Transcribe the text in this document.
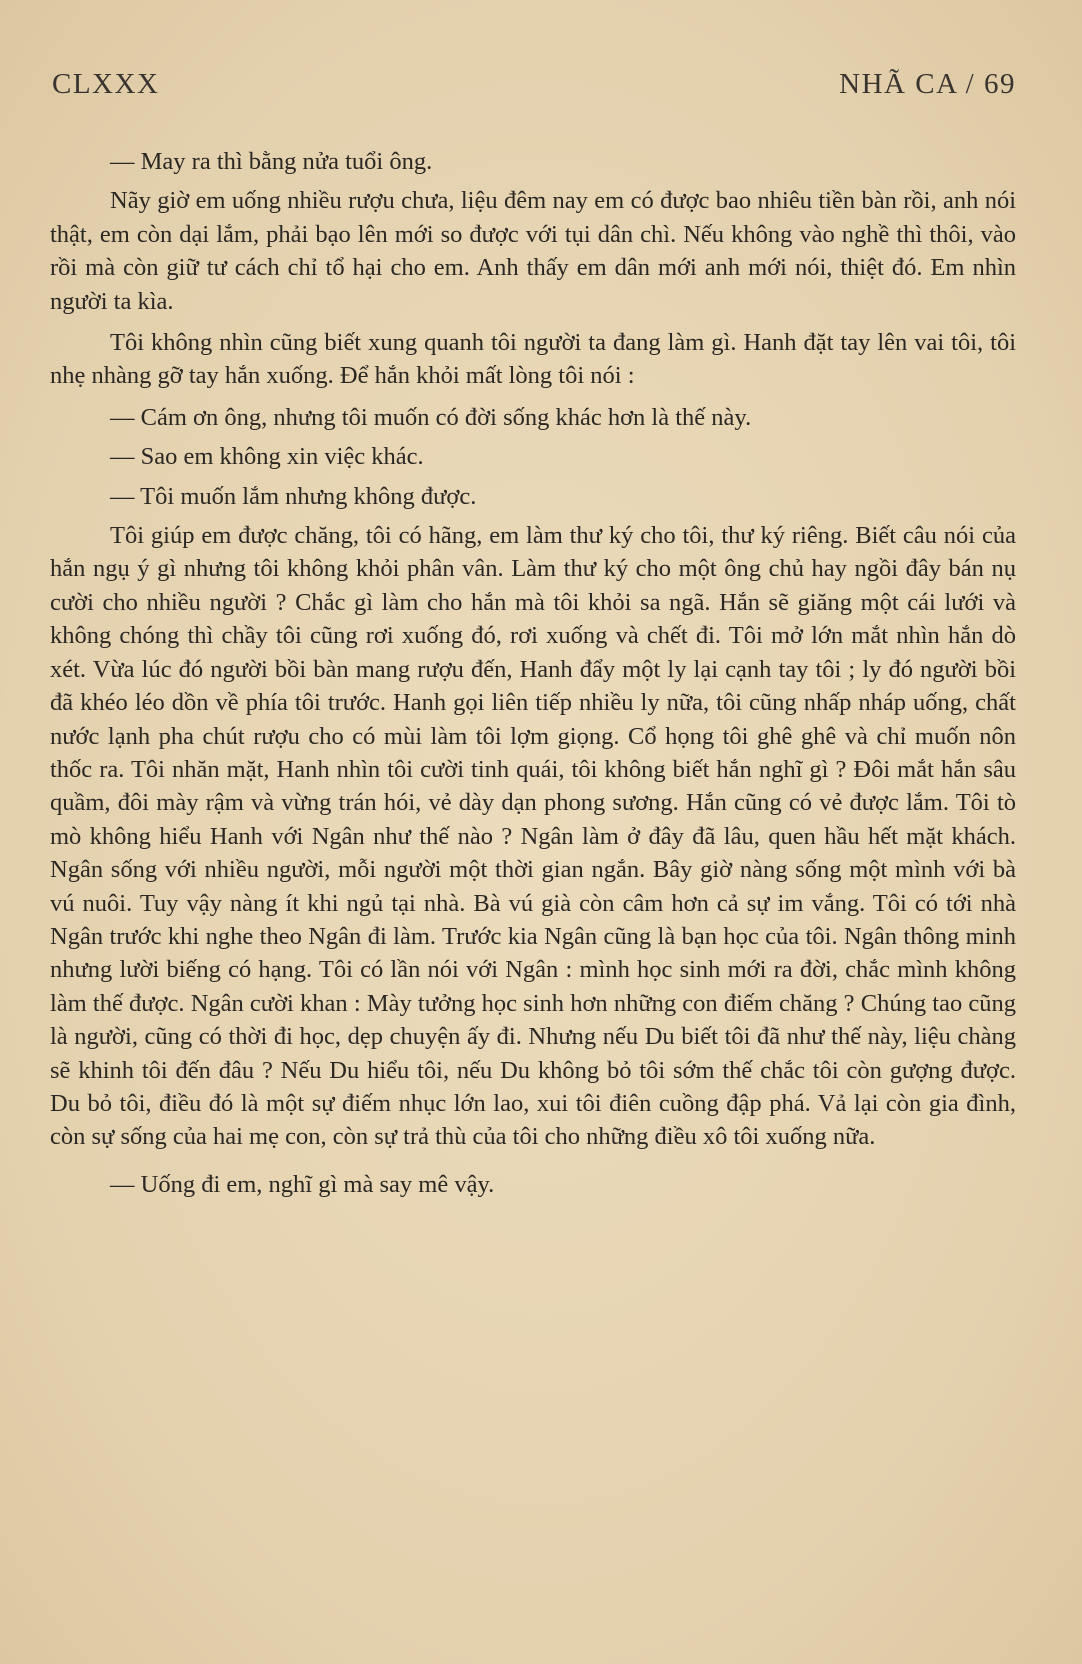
CLXXX	NHÃ CA / 69

— May ra thì bằng nửa tuổi ông.

Nãy giờ em uống nhiều rượu chưa, liệu đêm nay em có được bao nhiêu tiền bàn rồi, anh nói thật, em còn dại lắm, phải bạo lên mới so được với tụi dân chì. Nếu không vào nghề thì thôi, vào rồi mà còn giữ tư cách chỉ tổ hại cho em. Anh thấy em dân mới anh mới nói, thiệt đó. Em nhìn người ta kìa.

Tôi không nhìn cũng biết xung quanh tôi người ta đang làm gì. Hanh đặt tay lên vai tôi, tôi nhẹ nhàng gỡ tay hắn xuống. Để hắn khỏi mất lòng tôi nói :

— Cám ơn ông, nhưng tôi muốn có đời sống khác hơn là thế này.

— Sao em không xin việc khác.

— Tôi muốn lắm nhưng không được.

Tôi giúp em được chăng, tôi có hãng, em làm thư ký cho tôi, thư ký riêng. Biết câu nói của hắn ngụ ý gì nhưng tôi không khỏi phân vân. Làm thư ký cho một ông chủ hay ngồi đây bán nụ cười cho nhiều người ? Chắc gì làm cho hắn mà tôi khỏi sa ngã. Hắn sẽ giăng một cái lưới và không chóng thì chầy tôi cũng rơi xuống đó, rơi xuống và chết đi. Tôi mở lớn mắt nhìn hắn dò xét. Vừa lúc đó người bồi bàn mang rượu đến, Hanh đẩy một ly lại cạnh tay tôi ; ly đó người bồi đã khéo léo dồn về phía tôi trước. Hanh gọi liên tiếp nhiều ly nữa, tôi cũng nhấp nháp uống, chất nước lạnh pha chút rượu cho có mùi làm tôi lợm giọng. Cổ họng tôi ghê ghê và chỉ muốn nôn thốc ra. Tôi nhăn mặt, Hanh nhìn tôi cười tinh quái, tôi không biết hắn nghĩ gì ? Đôi mắt hắn sâu quầm, đôi mày rậm và vừng trán hói, vẻ dày dạn phong sương. Hắn cũng có vẻ được lắm. Tôi tò mò không hiểu Hanh với Ngân như thế nào ? Ngân làm ở đây đã lâu, quen hầu hết mặt khách. Ngân sống với nhiều người, mỗi người một thời gian ngắn. Bây giờ nàng sống một mình với bà vú nuôi. Tuy vậy nàng ít khi ngủ tại nhà. Bà vú già còn câm hơn cả sự im vắng. Tôi có tới nhà Ngân trước khi nghe theo Ngân đi làm. Trước kia Ngân cũng là bạn học của tôi. Ngân thông minh nhưng lười biếng có hạng. Tôi có lần nói với Ngân : mình học sinh mới ra đời, chắc mình không làm thế được. Ngân cười khan : Mày tưởng học sinh hơn những con điếm chăng ? Chúng tao cũng là người, cũng có thời đi học, dẹp chuyện ấy đi. Nhưng nếu Du biết tôi đã như thế này, liệu chàng sẽ khinh tôi đến đâu ? Nếu Du hiểu tôi, nếu Du không bỏ tôi sớm thế chắc tôi còn gượng được. Du bỏ tôi, điều đó là một sự điếm nhục lớn lao, xui tôi điên cuồng đập phá. Vả lại còn gia đình, còn sự sống của hai mẹ con, còn sự trả thù của tôi cho những điều xô tôi xuống nữa.

— Uống đi em, nghĩ gì mà say mê vậy.
